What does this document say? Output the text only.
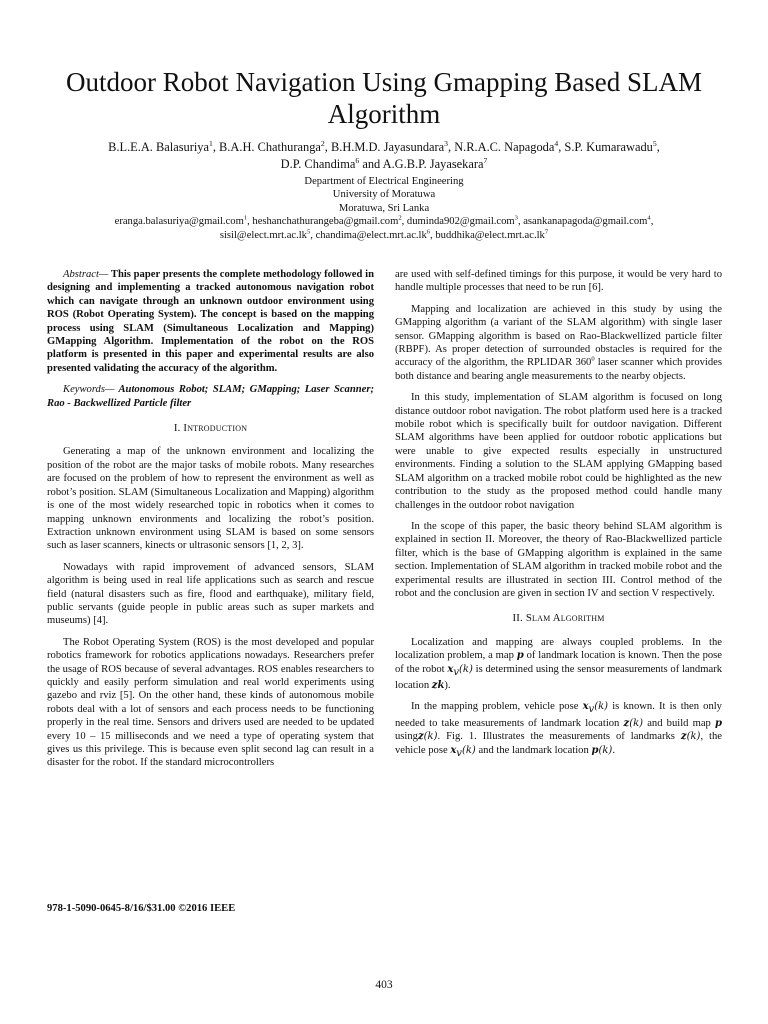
Outdoor Robot Navigation Using Gmapping Based SLAM Algorithm
B.L.E.A. Balasuriya$^1$, B.A.H. Chathuranga$^2$, B.H.M.D. Jayasundara$^3$, N.R.A.C. Napagoda$^4$, S.P. Kumarawadu$^5$,
D.P. Chandima$^6$ and A.G.B.P. Jayasekara$^7$
Department of Electrical Engineering
University of Moratuwa
Moratuwa, Sri Lanka
eranga.balasuriya@gmail.com$^1$, heshanchathurangeba@gmail.com$^2$, duminda902@gmail.com$^3$, asankanapagoda@gmail.com$^4$,
$sisil@elect.mrt.ac.lk^5$, $chandima@elect.mrt.ac.lk^6$, $buddhika@elect.mrt.ac.lk^7$

Abstract— This paper presents the complete methodology followed in designing and implementing a tracked autonomous navigation robot which can navigate through an unknown outdoor environment using ROS (Robot Operating System). The concept is based on the mapping process using SLAM (Simultaneous Localization and Mapping) GMapping Algorithm. Implementation of the robot on the ROS platform is presented in this paper and experimental results are also presented validating the accuracy of the algorithm.

Keywords— Autonomous Robot; SLAM; GMapping; Laser Scanner; Rao - Backwellized Particle filter

I. Introduction

Generating a map of the unknown environment and localizing the position of the robot are the major tasks of mobile robots. Many researches are focused on the problem of how to represent the environment as well as robot’s position. SLAM (Simultaneous Localization and Mapping) algorithm is one of the most widely researched topic in robotics when it comes to mapping unknown environments and localizing the robot’s position. Extraction unknown environment using SLAM is based on some sensors such as laser scanners, kinects or ultrasonic sensors [1, 2, 3].

Nowadays with rapid improvement of advanced sensors, SLAM algorithm is being used in real life applications such as search and rescue field (natural disasters such as fire, flood and earthquake), military field, public servants (guide people in public areas such as super markets and museums) [4].

The Robot Operating System (ROS) is the most developed and popular robotics framework for robotics applications nowadays. Researchers prefer the usage of ROS because of several advantages. ROS enables researchers to quickly and easily perform simulation and real world experiments using gazebo and rviz [5]. On the other hand, these kinds of autonomous mobile robots deal with a lot of sensors and each process needs to be functioning properly in the real time. Sensors and drivers used are needed to be updated every 10 – 15 milliseconds and we need a type of operating system that gives us this privilege. This is because even split second lag can result in a disaster for the robot. If the standard microcontrollers

are used with self-defined timings for this purpose, it would be very hard to handle multiple processes that need to be run [6].

Mapping and localization are achieved in this study by using the GMapping algorithm (a variant of the SLAM algorithm) with single laser sensor. GMapping algorithm is based on Rao-Blackwellized particle filter (RBPF). As proper detection of surrounded obstacles is required for the accuracy of the algorithm, the RPLIDAR $360^0$ laser scanner which provides both distance and bearing angle measurements to the nearby objects.

In this study, implementation of SLAM algorithm is focused on long distance outdoor robot navigation. The robot platform used here is a tracked mobile robot which is specifically built for outdoor navigation. Different SLAM algorithms have been applied for outdoor robotic applications but were unable to give expected results especially in unstructured environments. Finding a solution to the SLAM applying GMapping based SLAM algorithm on a tracked mobile robot could be highlighted as the new contribution to the study as the proposed method could handle many challenges in the outdoor robot navigation

In the scope of this paper, the basic theory behind SLAM algorithm is explained in section II. Moreover, the theory of Rao-Blackwellized particle filter, which is the base of GMapping algorithm is explained in the same section. Implementation of SLAM algorithm in tracked mobile robot and the experimental results are illustrated in section III. Control method of the robot and the conclusion are given in section IV and section V respectively.

II. Slam Algorithm

Localization and mapping are always coupled problems. In the localization problem, a map p of landmark location is known. Then the pose of the robot $x_v(k)$ is determined using the sensor measurements of landmark location zk).

In the mapping problem, vehicle pose $x_v(k)$ is known. It is then only needed to take measurements of landmark location z(k) and build map p usingz(k). Fig. 1. Illustrates the measurements of landmarks z(k), the vehicle pose $x_v(k)$ and the landmark location p(k).

978-1-5090-0645-8/16/$31.00 ©2016 IEEE
403
